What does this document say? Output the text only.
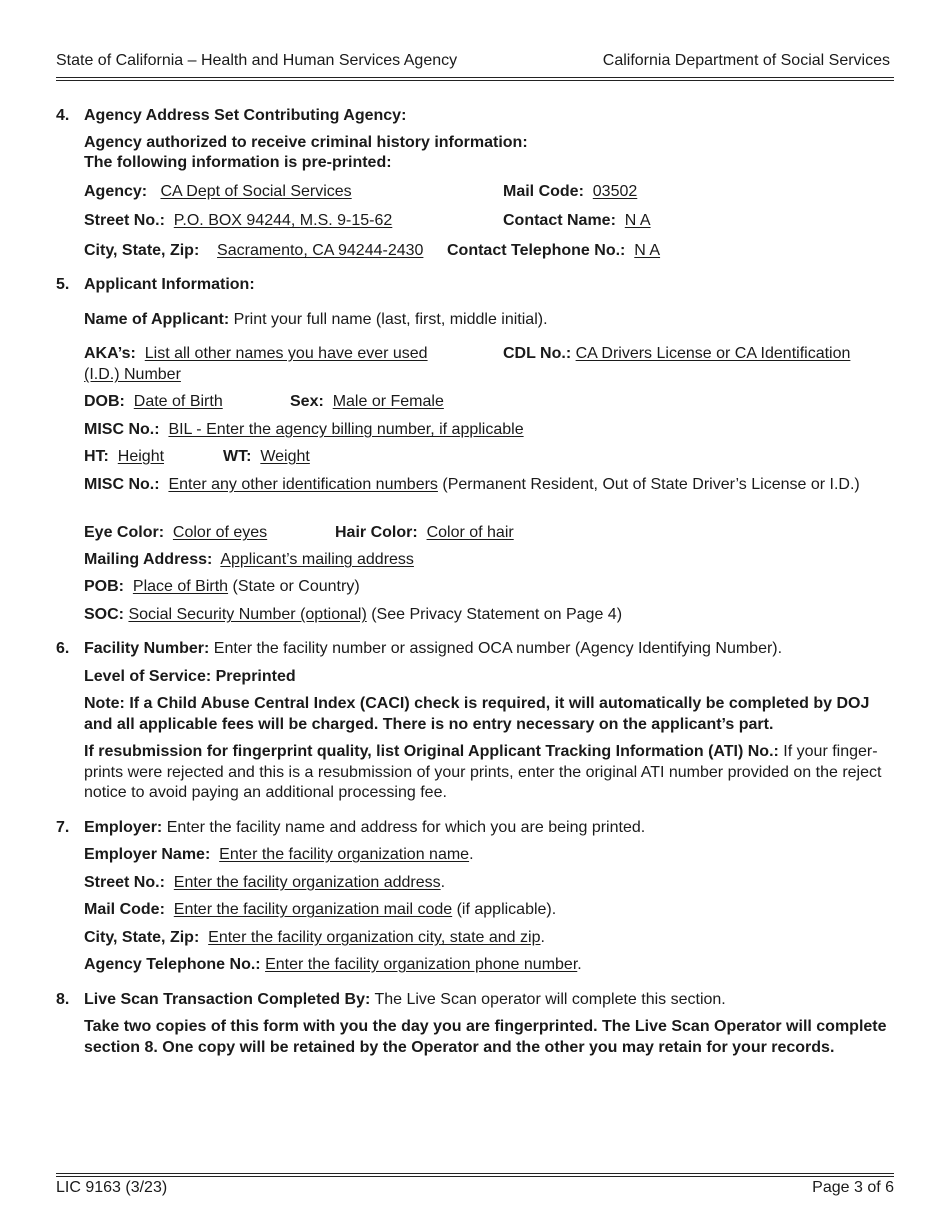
State of California – Health and Human Services Agency	California Department of Social Services
4. Agency Address Set Contributing Agency:
Agency authorized to receive criminal history information:
The following information is pre-printed:
Agency: CA Dept of Social Services	Mail Code: 03502
Street No.: P.O. BOX 94244, M.S. 9-15-62	Contact Name: N A
City, State, Zip: Sacramento, CA 94244-2430 Contact Telephone No.: N A
5. Applicant Information:
Name of Applicant: Print your full name (last, first, middle initial).
AKA’s: List all other names you have ever used	CDL No.: CA Drivers License or CA Identification
(I.D.) Number
DOB: Date of Birth	Sex: Male or Female
MISC No.: BIL - Enter the agency billing number, if applicable
HT: Height	WT: Weight
MISC No.: Enter any other identification numbers (Permanent Resident, Out of State Driver’s License or I.D.)
Eye Color: Color of eyes	Hair Color: Color of hair
Mailing Address: Applicant’s mailing address
POB: Place of Birth (State or Country)
SOC: Social Security Number (optional) (See Privacy Statement on Page 4)
6. Facility Number: Enter the facility number or assigned OCA number (Agency Identifying Number).
Level of Service: Preprinted
Note: If a Child Abuse Central Index (CACI) check is required, it will automatically be completed by DOJ and all applicable fees will be charged. There is no entry necessary on the applicant’s part.
If resubmission for fingerprint quality, list Original Applicant Tracking Information (ATI) No.: If your finger- prints were rejected and this is a resubmission of your prints, enter the original ATI number provided on the reject notice to avoid paying an additional processing fee.
7. Employer: Enter the facility name and address for which you are being printed.
Employer Name: Enter the facility organization name.
Street No.: Enter the facility organization address.
Mail Code: Enter the facility organization mail code (if applicable).
City, State, Zip: Enter the facility organization city, state and zip.
Agency Telephone No.: Enter the facility organization phone number.
8. Live Scan Transaction Completed By: The Live Scan operator will complete this section.
Take two copies of this form with you the day you are fingerprinted. The Live Scan Operator will complete section 8. One copy will be retained by the Operator and the other you may retain for your records.
LIC 9163 (3/23)	Page 3 of 6
